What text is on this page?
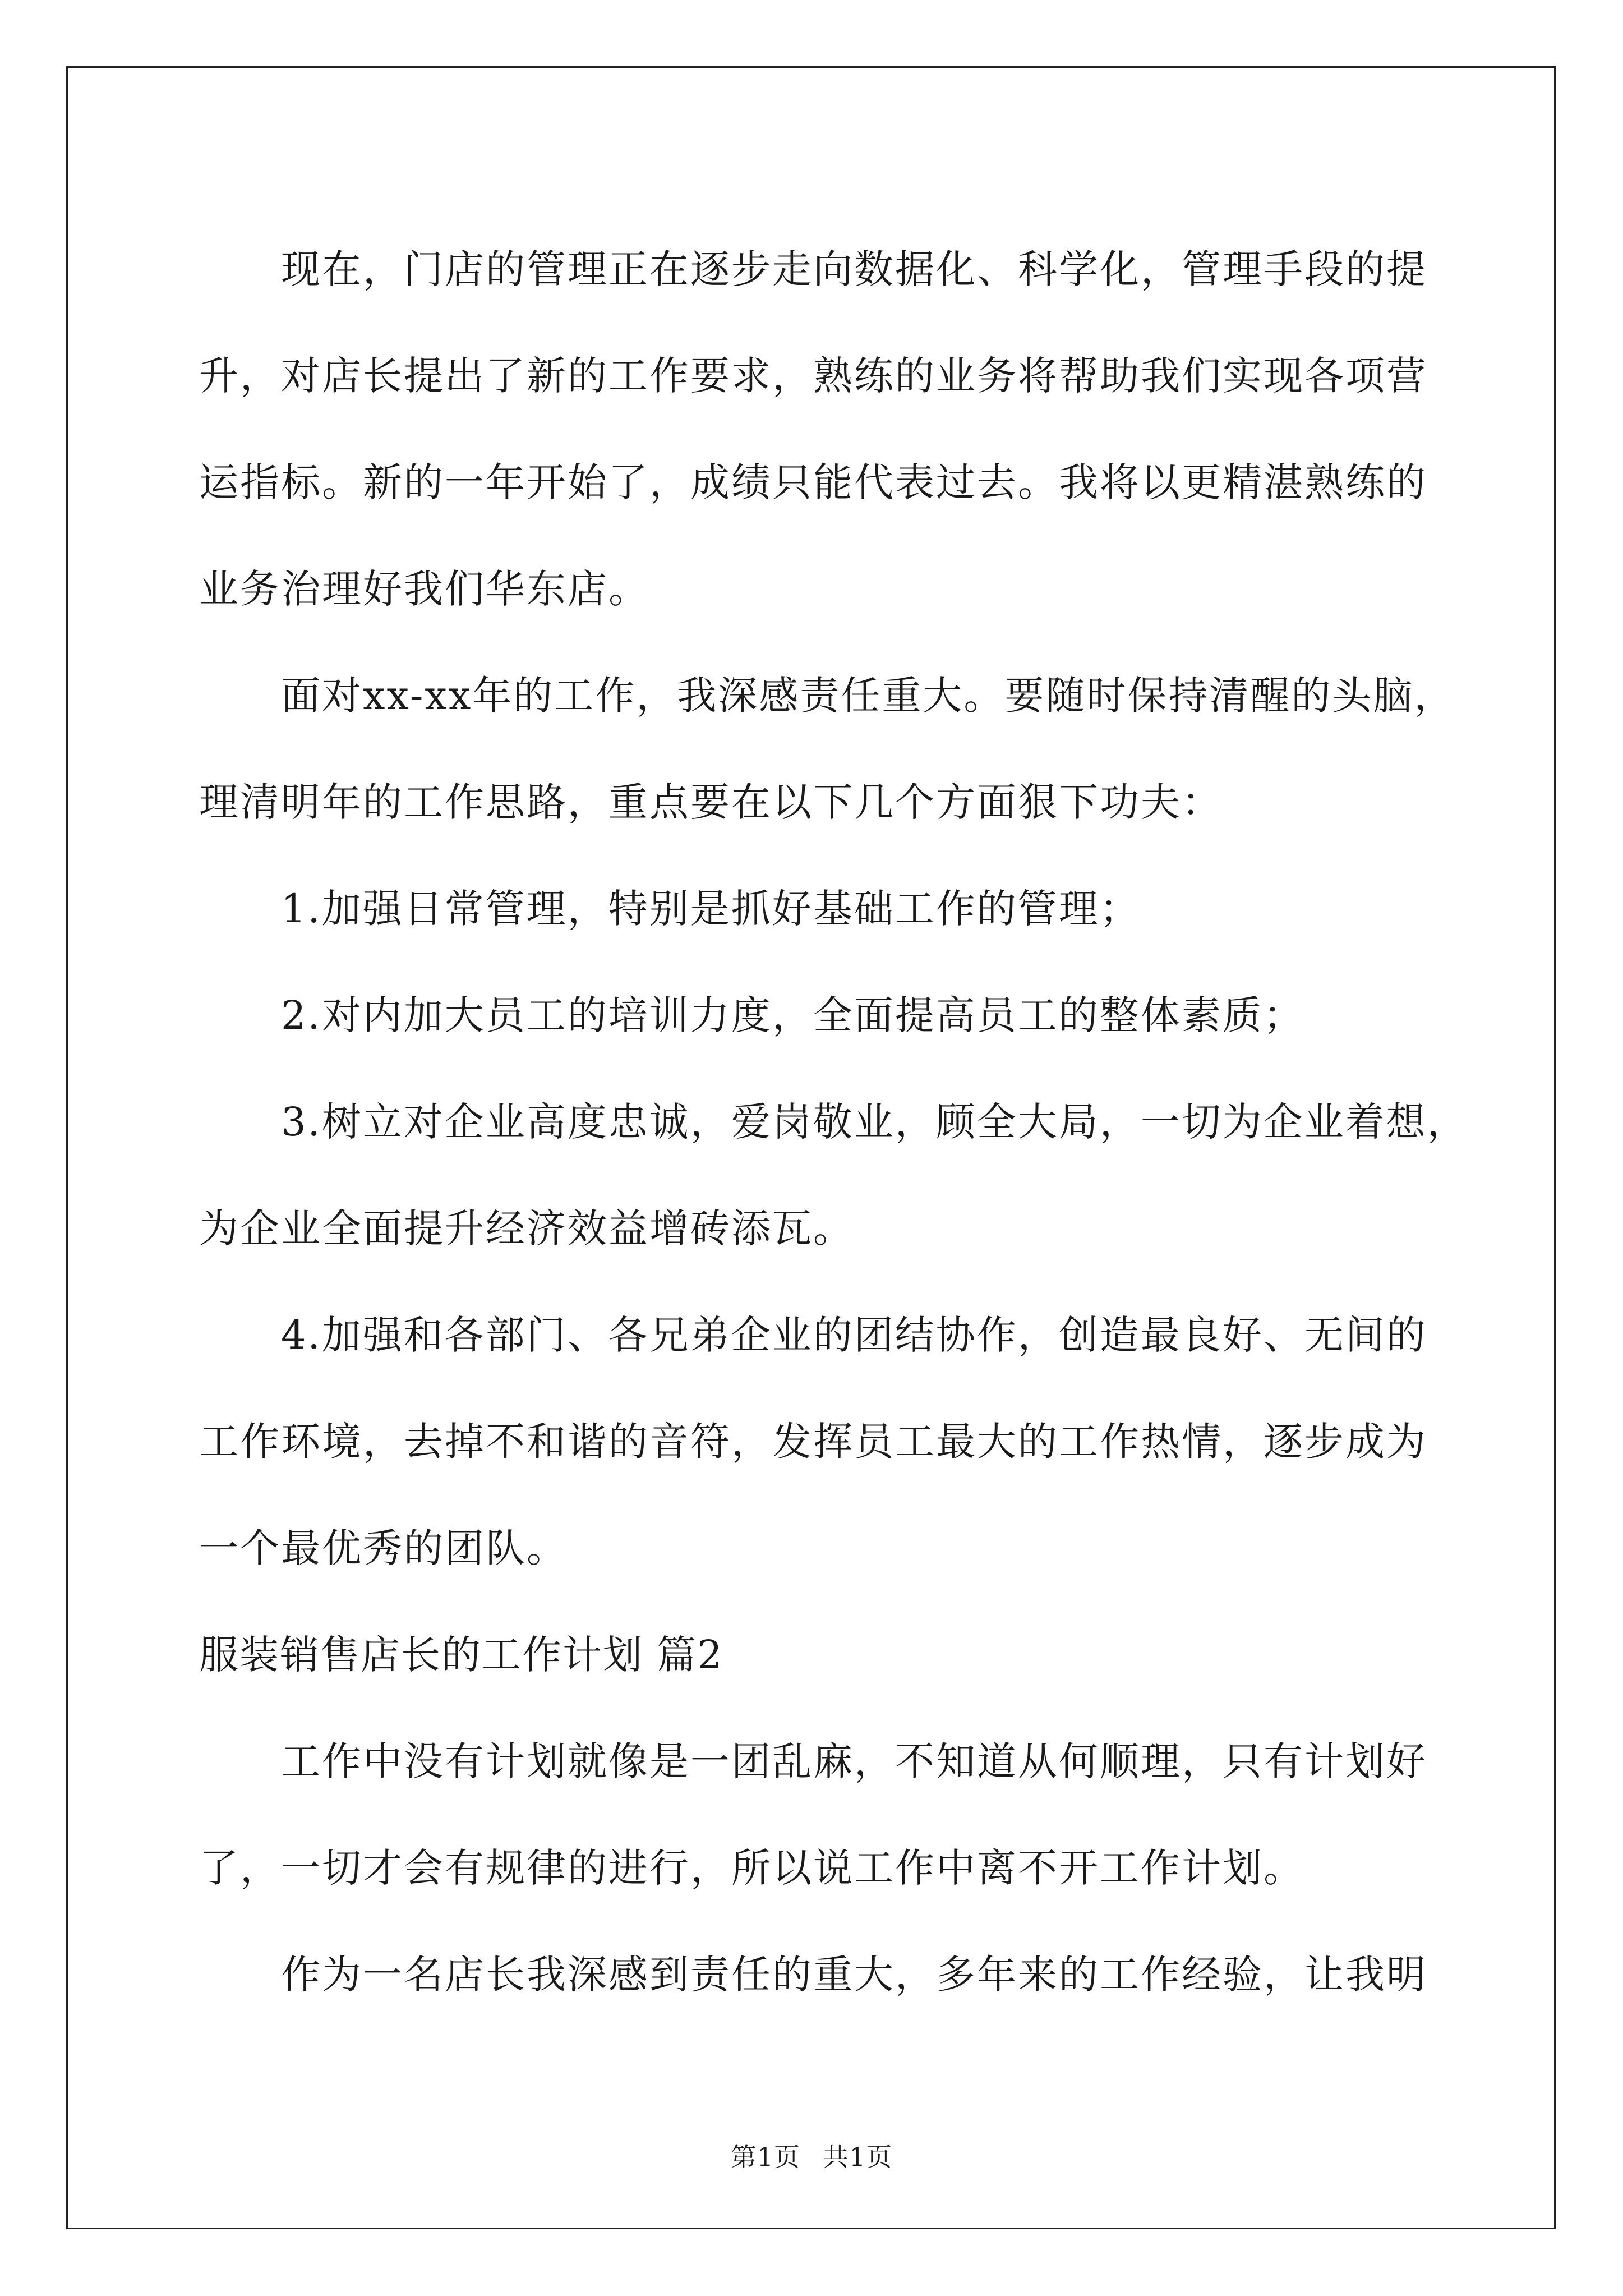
现在，门店的管理正在逐步走向数据化、科学化，管理手段的提
升，对店长提出了新的工作要求，熟练的业务将帮助我们实现各项营
运指标。新的一年开始了，成绩只能代表过去。我将以更精湛熟练的
业务治理好我们华东店。
面对xx-xx年的工作，我深感责任重大。要随时保持清醒的头脑，
理清明年的工作思路，重点要在以下几个方面狠下功夫：
1.加强日常管理，特别是抓好基础工作的管理；
2.对内加大员工的培训力度，全面提高员工的整体素质；
3.树立对企业高度忠诚，爱岗敬业，顾全大局，一切为企业着想，
为企业全面提升经济效益增砖添瓦。
4.加强和各部门、各兄弟企业的团结协作，创造最良好、无间的
工作环境，去掉不和谐的音符，发挥员工最大的工作热情，逐步成为
一个最优秀的团队。
服装销售店长的工作计划 篇2
工作中没有计划就像是一团乱麻，不知道从何顺理，只有计划好
了，一切才会有规律的进行，所以说工作中离不开工作计划。
作为一名店长我深感到责任的重大，多年来的工作经验，让我明
第1页 共1页
